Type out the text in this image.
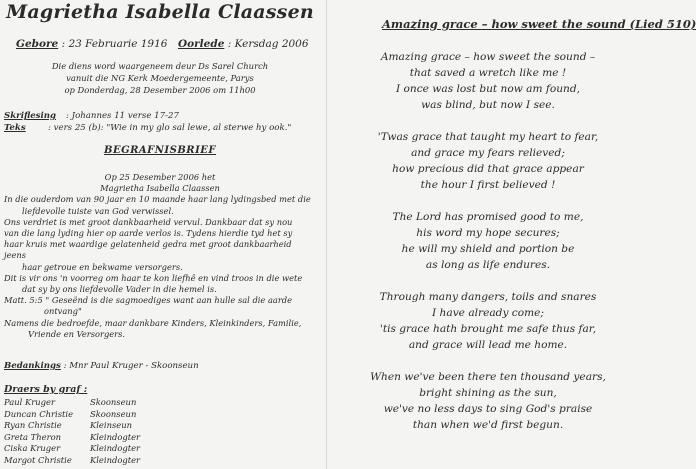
Magrietha Isabella Claassen
Gebore : 23 Februarie 1916 Oorlede : Kersdag 2006
Die diens word waargeneem deur Ds Sarel Church
vanuit die NG Kerk Moedergemeente, Parys
op Donderdag, 28 Desember 2006 om 11h00
Skriflesing : Johannes 11 verse 17-27
Teks	: vers 25 (b): "Wie in my glo sal lewe, al sterwe hy ook."
BEGRAFNISBRIEF
Op 25 Desember 2006 het
Magrietha Isabella Claassen
In die ouderdom van 90 jaar en 10 maande haar lang lydingsbed met die
liefdevolle tuiste van God verwissel.
Ons verdriet is met groot dankbaarheid vervul. Dankbaar dat sy nou
van die lang lyding hier op aarde verlos is. Tydens hierdie tyd het sy
haar kruis met waardige gelatenheid gedra met groot dankbaarheid jeens
haar getroue en bekwame versorgers.
Dit is vir ons 'n voorreg om haar te kon liefhê en vind troos in die wete
dat sy by ons liefdevolle Vader in die hemel is.
Matt. 5:5 " Geseënd is die sagmoediges want aan hulle sal die aarde
ontvang"
Namens die bedroefde, maar dankbare Kinders, Kleinkinders, Familie,
Vriende en Versorgers.
Bedankings : Mnr Paul Kruger - Skoonseun
Draers by graf :
Paul Kruger	Skoonseun
Duncan Christie Skoonseun
Ryan Christie	Kleinseun
Greta Theron	Kleindogter
Ciska Kruger	Kleindogter
Margot Christie Kleindogter
Amazing grace – how sweet the sound (Lied 510)
Amazing grace – how sweet the sound –
that saved a wretch like me !
I once was lost but now am found,
was blind, but now I see.
'Twas grace that taught my heart to fear,
and grace my fears relieved;
how precious did that grace appear
the hour I first believed !
The Lord has promised good to me,
his word my hope secures;
he will my shield and portion be
as long as life endures.
Through many dangers, toils and snares
I have already come;
'tis grace hath brought me safe thus far,
and grace will lead me home.
When we've been there ten thousand years,
bright shining as the sun,
we've no less days to sing God's praise
than when we'd first begun.
